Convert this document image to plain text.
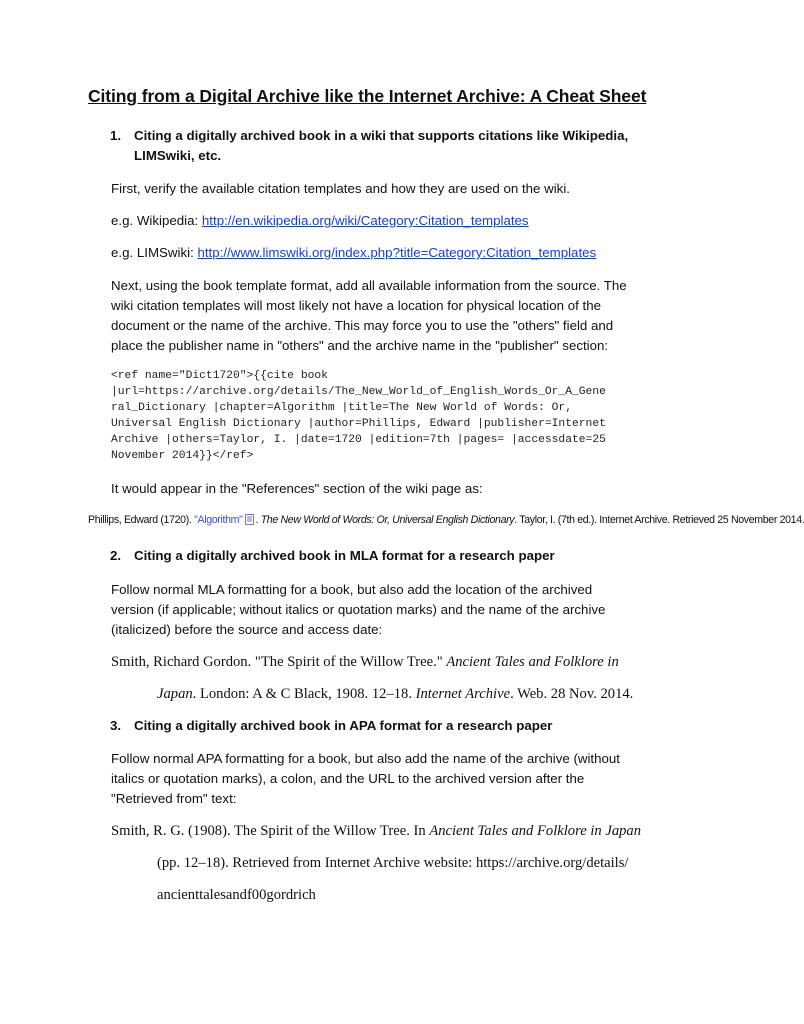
Citing from a Digital Archive like the Internet Archive: A Cheat Sheet
1. Citing a digitally archived book in a wiki that supports citations like Wikipedia,
LIMSwiki, etc.
First, verify the available citation templates and how they are used on the wiki.
e.g. Wikipedia: http://en.wikipedia.org/wiki/Category:Citation_templates
e.g. LIMSwiki: http://www.limswiki.org/index.php?title=Category:Citation_templates
Next, using the book template format, add all available information from the source. The
wiki citation templates will most likely not have a location for physical location of the
document or the name of the archive. This may force you to use the "others" field and
place the publisher name in "others" and the archive name in the "publisher" section:
<ref name="Dict1720">{{cite book
|url=https://archive.org/details/The_New_World_of_English_Words_Or_A_Gene
ral_Dictionary |chapter=Algorithm |title=The New World of Words: Or,
Universal English Dictionary |author=Phillips, Edward |publisher=Internet
Archive |others=Taylor, I. |date=1720 |edition=7th |pages= |accessdate=25
November 2014}}</ref>
It would appear in the "References" section of the wiki page as:
Phillips, Edward (1720). "Algorithm" . The New World of Words: Or, Universal English Dictionary. Taylor, I. (7th ed.). Internet Archive. Retrieved 25 November 2014.
2. Citing a digitally archived book in MLA format for a research paper
Follow normal MLA formatting for a book, but also add the location of the archived
version (if applicable; without italics or quotation marks) and the name of the archive
(italicized) before the source and access date:
Smith, Richard Gordon. "The Spirit of the Willow Tree." Ancient Tales and Folklore in
Japan. London: A & C Black, 1908. 12–18. Internet Archive. Web. 28 Nov. 2014.
3. Citing a digitally archived book in APA format for a research paper
Follow normal APA formatting for a book, but also add the name of the archive (without
italics or quotation marks), a colon, and the URL to the archived version after the
"Retrieved from" text:
Smith, R. G. (1908). The Spirit of the Willow Tree. In Ancient Tales and Folklore in Japan
(pp. 12–18). Retrieved from Internet Archive website: https://archive.org/details/
ancienttalesandf00gordrich
